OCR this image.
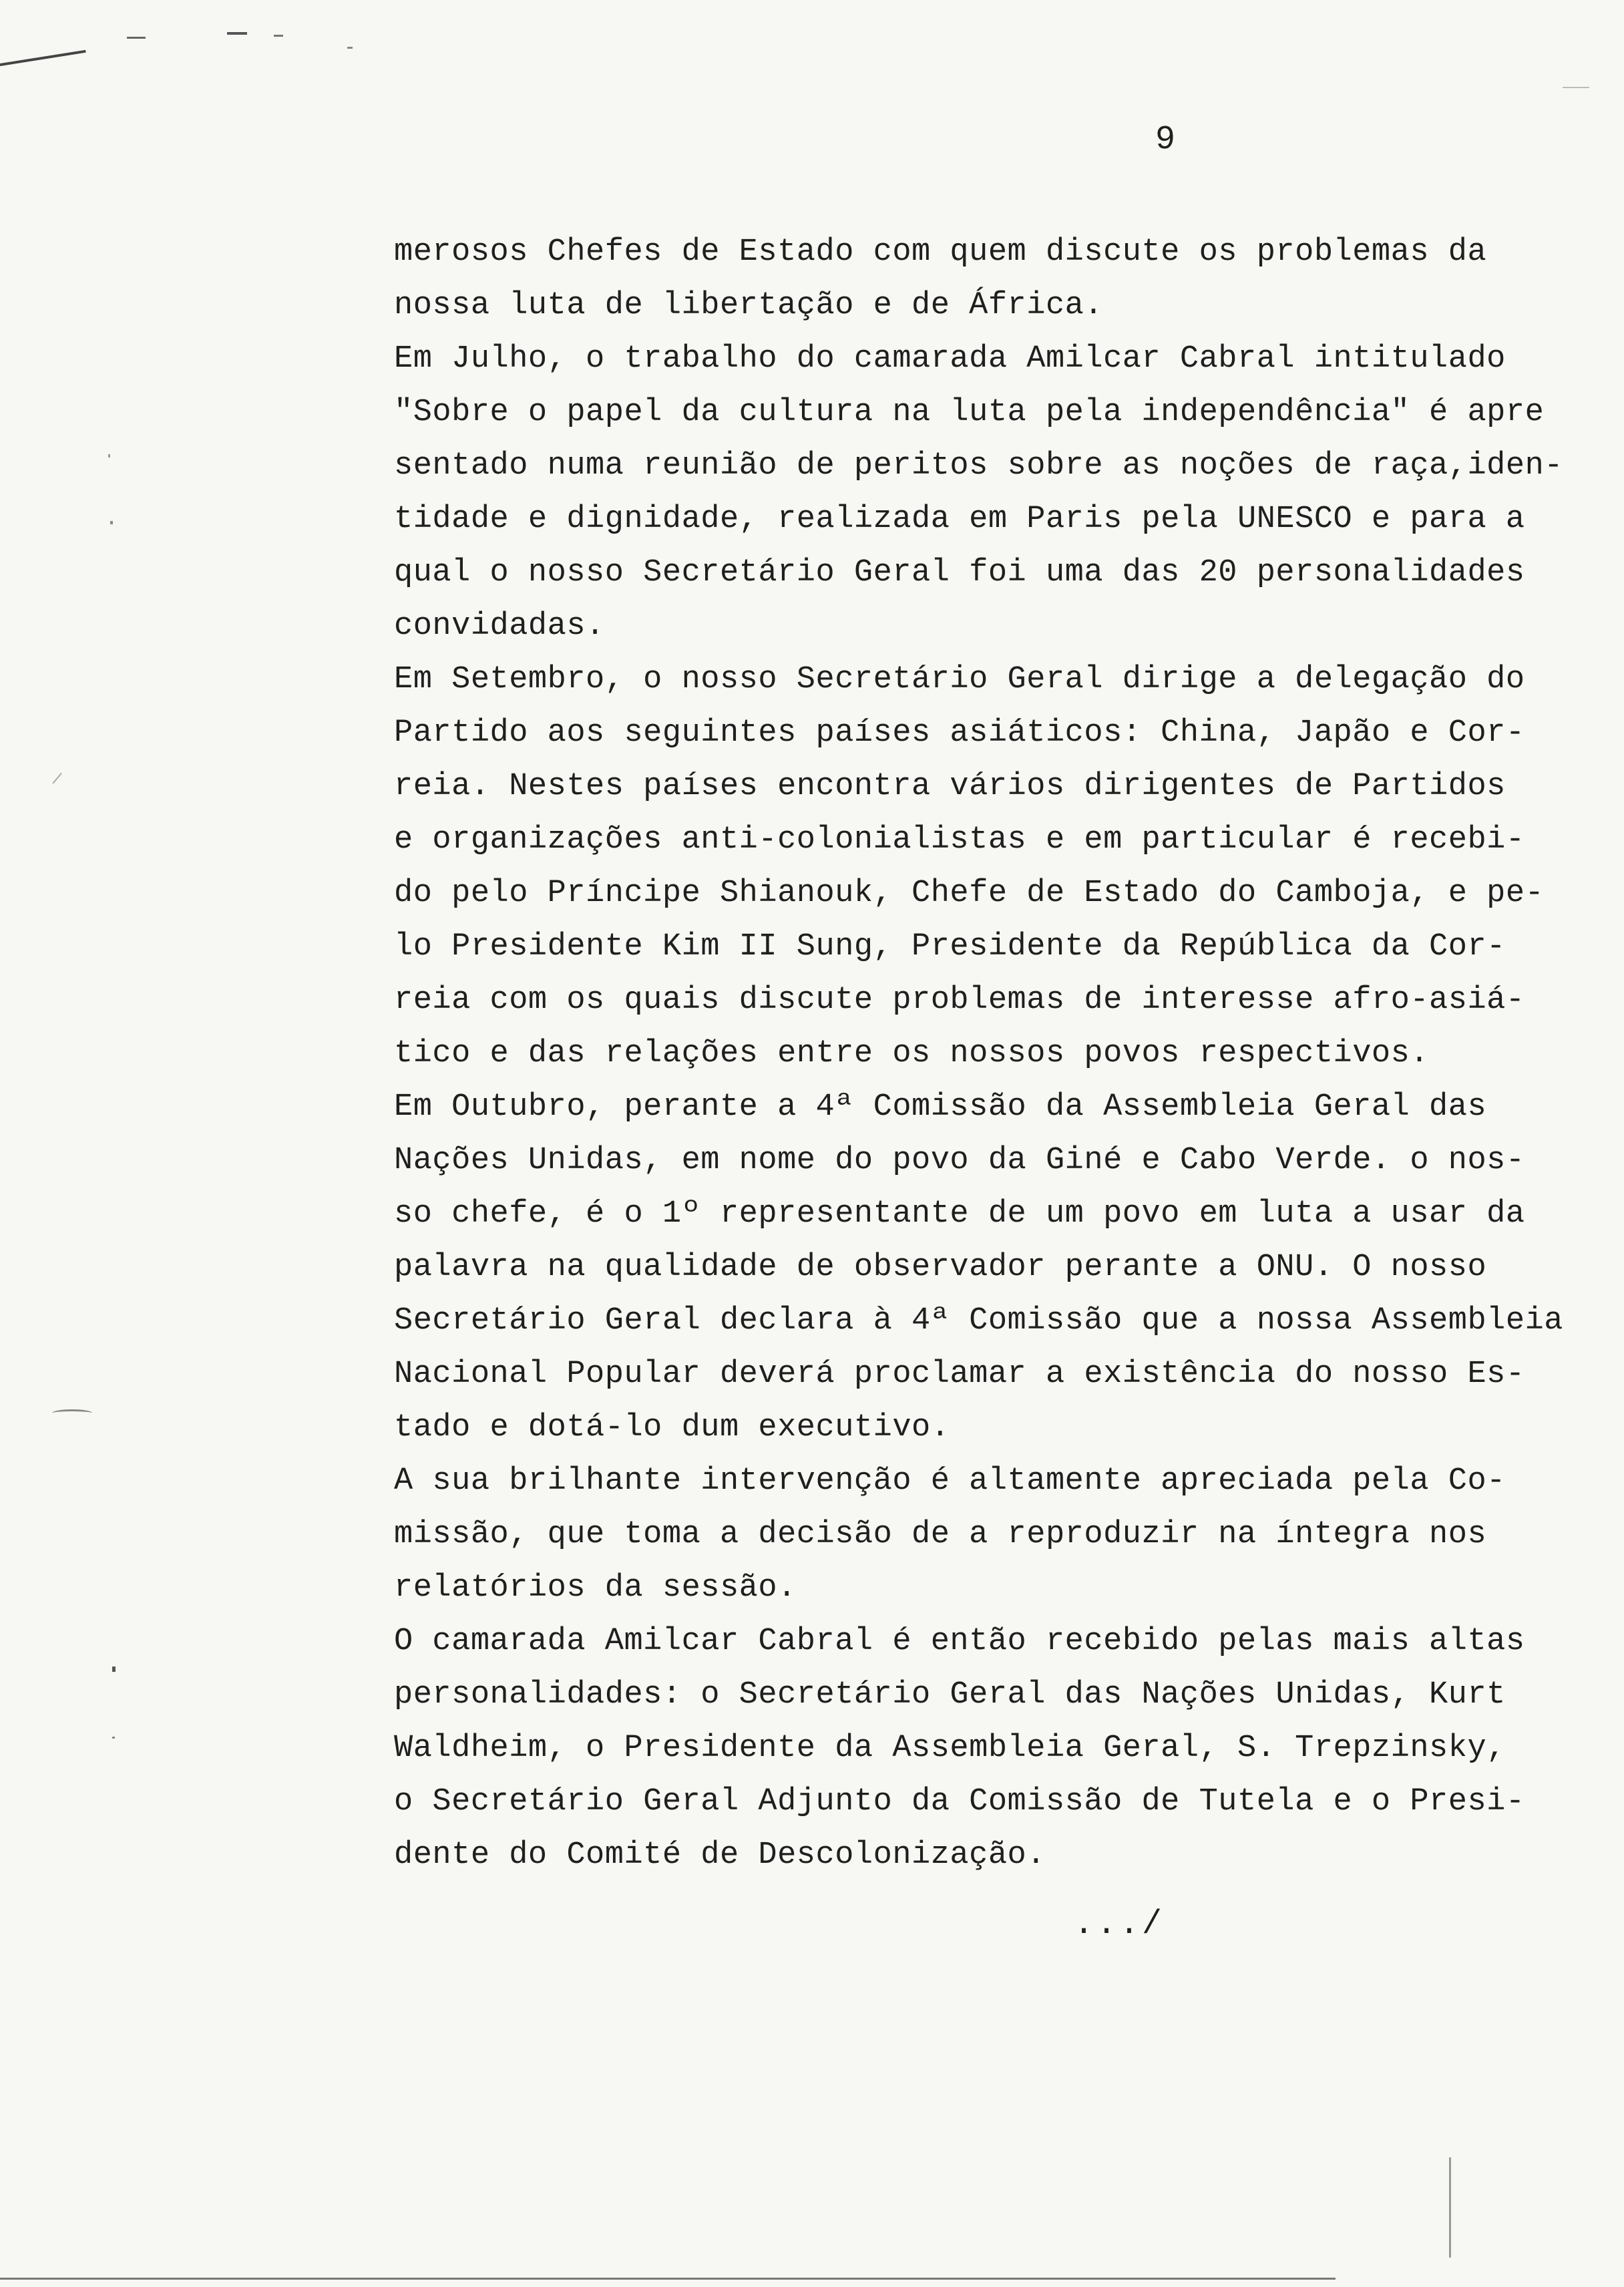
9
merosos Chefes de Estado com quem discute os problemas da
nossa luta de libertação e de África.
Em Julho, o trabalho do camarada Amilcar Cabral intitulado
"Sobre o papel da cultura na luta pela independência" é apre
sentado numa reunião de peritos sobre as noções de raça,iden-
tidade e dignidade, realizada em Paris pela UNESCO e para a
qual o nosso Secretário Geral foi uma das 20 personalidades
convidadas.
Em Setembro, o nosso Secretário Geral dirige a delegação do
Partido aos seguintes países asiáticos: China, Japão e Cor-
reia. Nestes países encontra vários dirigentes de Partidos
e organizações anti-colonialistas e em particular é recebi-
do pelo Príncipe Shianouk, Chefe de Estado do Camboja, e pe-
lo Presidente Kim II Sung, Presidente da República da Cor-
reia com os quais discute problemas de interesse afro-asiá-
tico e das relações entre os nossos povos respectivos.
Em Outubro, perante a 4ª Comissão da Assembleia Geral das
Nações Unidas, em nome do povo da Giné e Cabo Verde. o nos-
so chefe, é o 1º representante de um povo em luta a usar da
palavra na qualidade de observador perante a ONU. O nosso
Secretário Geral declara à 4ª Comissão que a nossa Assembleia
Nacional Popular deverá proclamar a existência do nosso Es-
tado e dotá-lo dum executivo.
A sua brilhante intervenção é altamente apreciada pela Co-
missão, que toma a decisão de a reproduzir na íntegra nos
relatórios da sessão.
O camarada Amilcar Cabral é então recebido pelas mais altas
personalidades: o Secretário Geral das Nações Unidas, Kurt
Waldheim, o Presidente da Assembleia Geral, S. Trepzinsky,
o Secretário Geral Adjunto da Comissão de Tutela e o Presi-
dente do Comité de Descolonização.
.../
